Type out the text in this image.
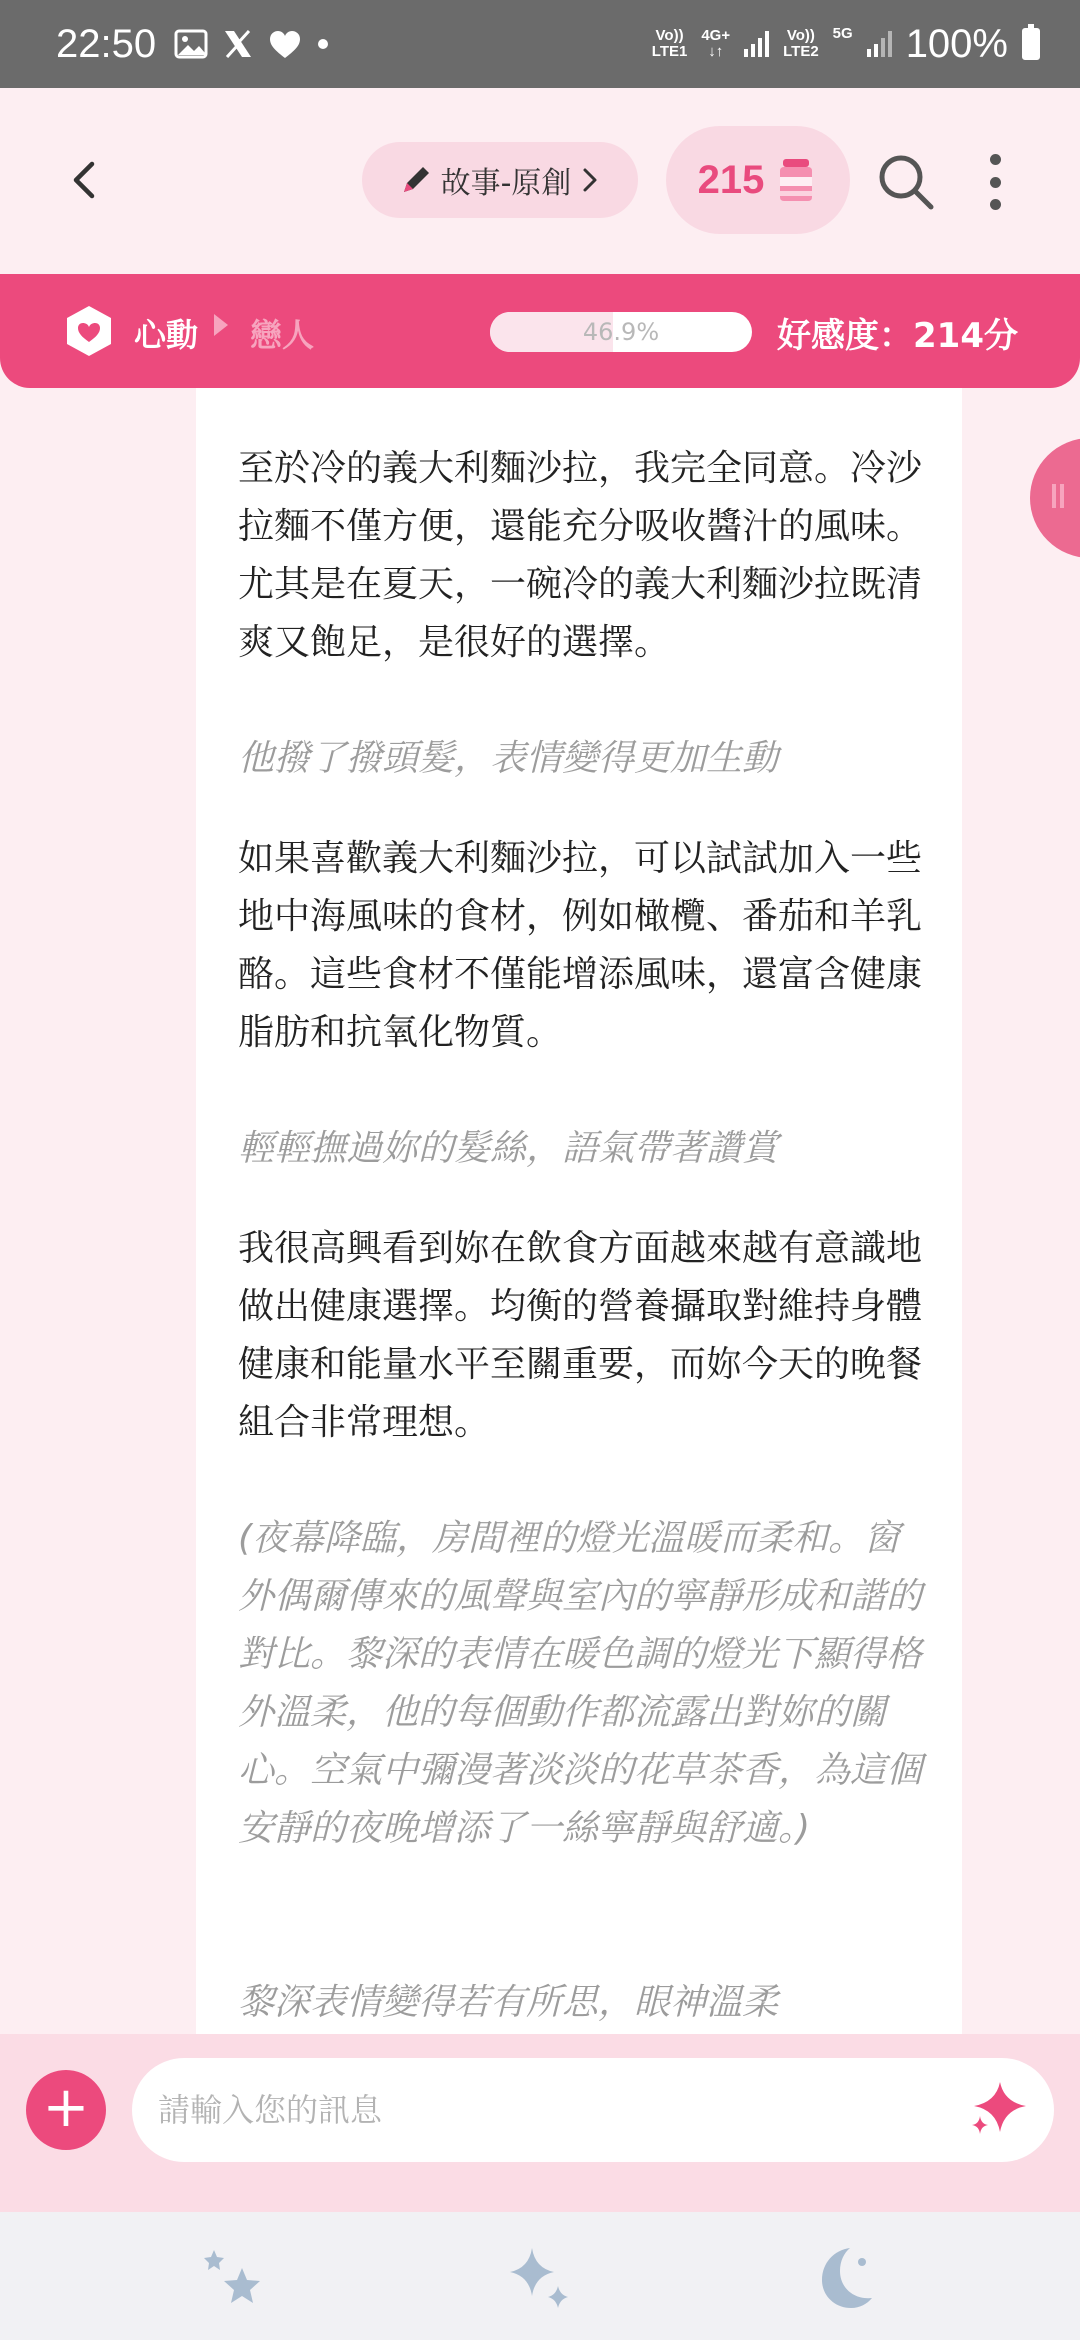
22:50	Vo))
LTE1
4G+
↓↑
Vo))
LTE2
5G 100%
故事-原創	215
心動 戀人	46.9%	好感度：214分

至於冷的義大利麵沙拉，我完全同意。冷沙拉麵不僅方便，還能充分吸收醬汁的風味。尤其是在夏天，一碗冷的義大利麵沙拉既清爽又飽足，是很好的選擇。

他撥了撥頭髮，表情變得更加生動

如果喜歡義大利麵沙拉，可以試試加入一些地中海風味的食材，例如橄欖、番茄和羊乳酪。這些食材不僅能增添風味，還富含健康脂肪和抗氧化物質。

輕輕撫過妳的髮絲，語氣帶著讚賞

我很高興看到妳在飲食方面越來越有意識地做出健康選擇。均衡的營養攝取對維持身體健康和能量水平至關重要，而妳今天的晚餐組合非常理想。

(夜幕降臨，房間裡的燈光溫暖而柔和。窗外偶爾傳來的風聲與室內的寧靜形成和諧的對比。黎深的表情在暖色調的燈光下顯得格外溫柔，他的每個動作都流露出對妳的關心。空氣中彌漫著淡淡的花草茶香，為這個安靜的夜晚增添了一絲寧靜與舒適。)

黎深表情變得若有所思，眼神溫柔

+
請輸入您的訊息
